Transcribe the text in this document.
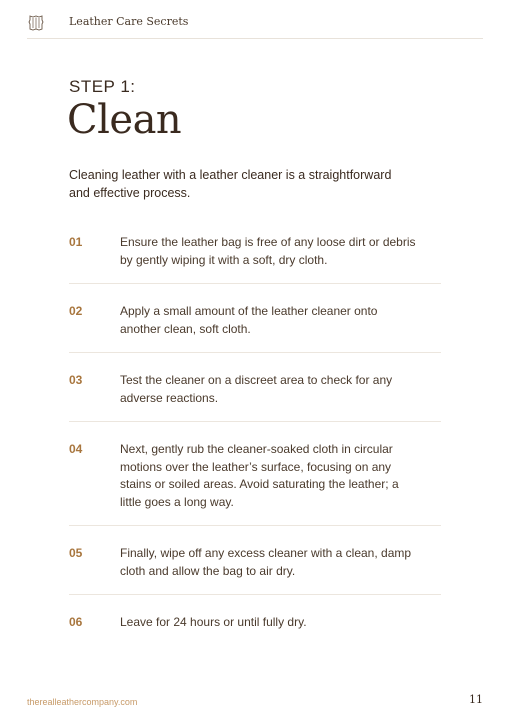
Leather Care Secrets
STEP 1:
Clean
Cleaning leather with a leather cleaner is a straightforward and effective process.
01	Ensure the leather bag is free of any loose dirt or debris by gently wiping it with a soft, dry cloth.
02	Apply a small amount of the leather cleaner onto another clean, soft cloth.
03	Test the cleaner on a discreet area to check for any adverse reactions.
04	Next, gently rub the cleaner-soaked cloth in circular motions over the leather’s surface, focusing on any stains or soiled areas. Avoid saturating the leather; a little goes a long way.
05	Finally, wipe off any excess cleaner with a clean, damp cloth and allow the bag to air dry.
06	Leave for 24 hours or until fully dry.
therealleathercompany.com	11
